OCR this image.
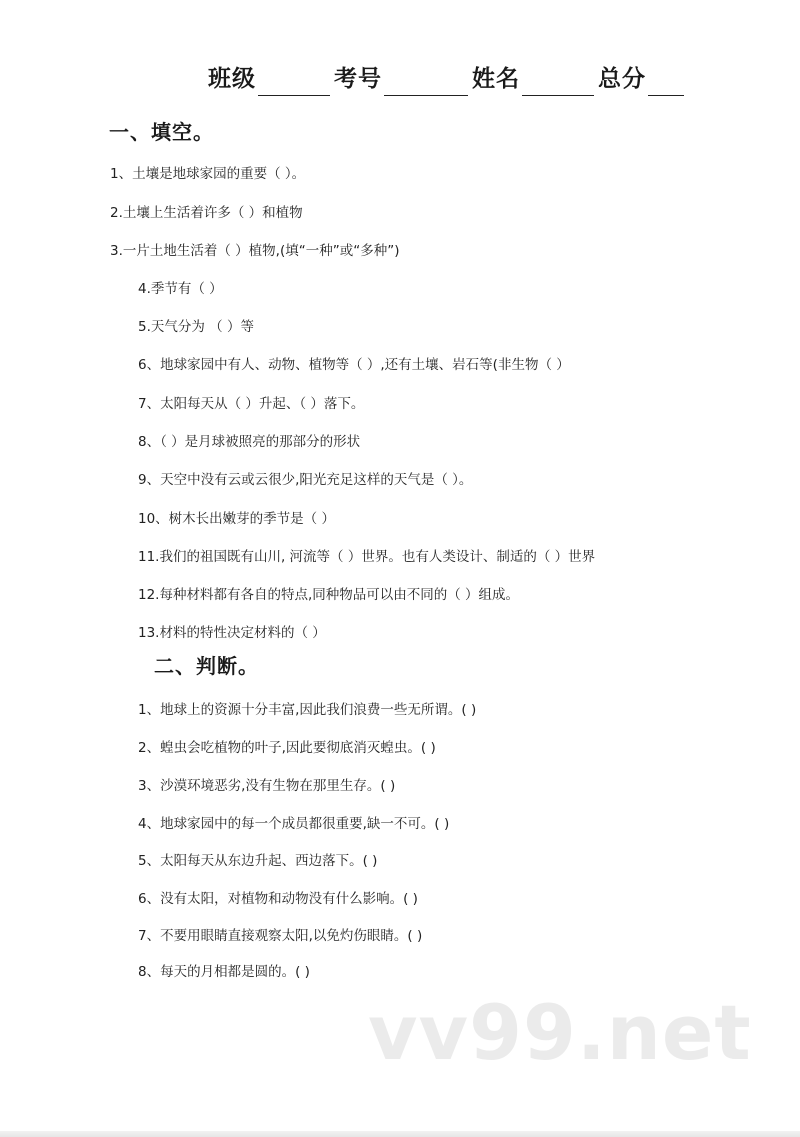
班级	考号	姓名	总分
一、填空。
1、土壤是地球家园的重要（ ）。
2.土壤上生活着许多（ ）和植物
3.一片土地生活着（ ）植物,(填“一种”或“多种”)
4.季节有（ ）
5.天气分为 （ ）等
6、地球家园中有人、动物、植物等（ ）,还有土壤、岩石等(非生物（ ）
7、太阳每天从（ ）升起、（ ）落下。
8、（ ）是月球被照亮的那部分的形状
9、天空中没有云或云很少,阳光充足这样的天气是（ ）。
10、树木长出嫩芽的季节是（ ）
11.我们的祖国既有山川, 河流等（ ）世界。也有人类设计、制适的（ ）世界
12.每种材料都有各自的特点,同种物品可以由不同的（ ）组成。
13.材料的特性决定材料的（ ）
二、判断。
1、地球上的资源十分丰富,因此我们浪费一些无所谓。( )
2、蝗虫会吃植物的叶子,因此要彻底消灭蝗虫。( )
3、沙漠环境恶劣,没有生物在那里生存。( )
4、地球家园中的每一个成员都很重要,缺一不可。( )
5、太阳每天从东边升起、西边落下。( )
6、没有太阳，对植物和动物没有什么影响。( )
7、不要用眼睛直接观察太阳,以免灼伤眼睛。( )
8、每天的月相都是圆的。( )
vv99.net
